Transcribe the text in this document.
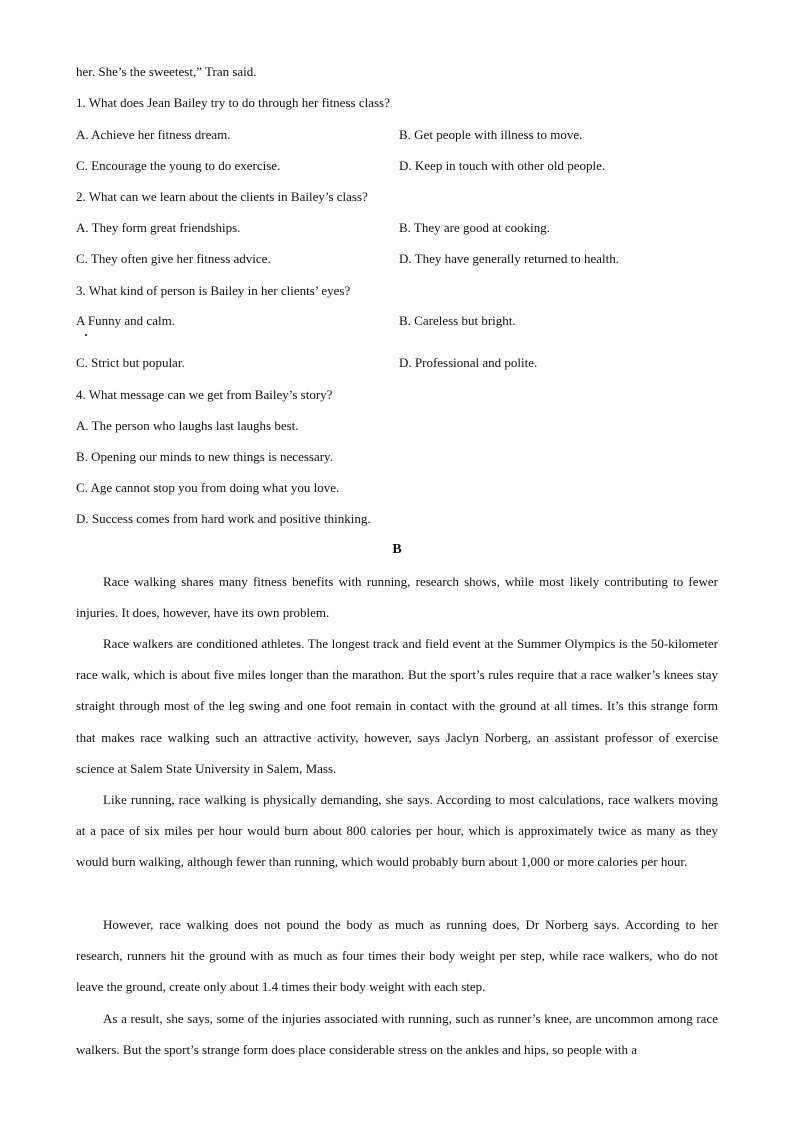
her. She’s the sweetest,” Tran said.
1. What does Jean Bailey try to do through her fitness class?
A. Achieve her fitness dream.	B. Get people with illness to move.
C. Encourage the young to do exercise.	D. Keep in touch with other old people.
2. What can we learn about the clients in Bailey’s class?
A. They form great friendships.	B. They are good at cooking.
C. They often give her fitness advice.	D. They have generally returned to health.
3. What kind of person is Bailey in her clients’ eyes?
A Funny and calm.	B. Careless but bright.
C. Strict but popular.	D. Professional and polite.
4. What message can we get from Bailey’s story?
A. The person who laughs last laughs best.
B. Opening our minds to new things is necessary.
C. Age cannot stop you from doing what you love.
D. Success comes from hard work and positive thinking.
B

Race walking shares many fitness benefits with running, research shows, while most likely contributing to fewer injuries. It does, however, have its own problem.

Race walkers are conditioned athletes. The longest track and field event at the Summer Olympics is the 50-kilometer race walk, which is about five miles longer than the marathon. But the sport’s rules require that a race walker’s knees stay straight through most of the leg swing and one foot remain in contact with the ground at all times. It’s this strange form that makes race walking such an attractive activity, however, says Jaclyn Norberg, an assistant professor of exercise science at Salem State University in Salem, Mass.

Like running, race walking is physically demanding, she says. According to most calculations, race walkers moving at a pace of six miles per hour would burn about 800 calories per hour, which is approximately twice as many as they would burn walking, although fewer than running, which would probably burn about 1,000 or more calories per hour.

However, race walking does not pound the body as much as running does, Dr Norberg says. According to her research, runners hit the ground with as much as four times their body weight per step, while race walkers, who do not leave the ground, create only about 1.4 times their body weight with each step.

As a result, she says, some of the injuries associated with running, such as runner’s knee, are uncommon among race walkers. But the sport’s strange form does place considerable stress on the ankles and hips, so people with a
